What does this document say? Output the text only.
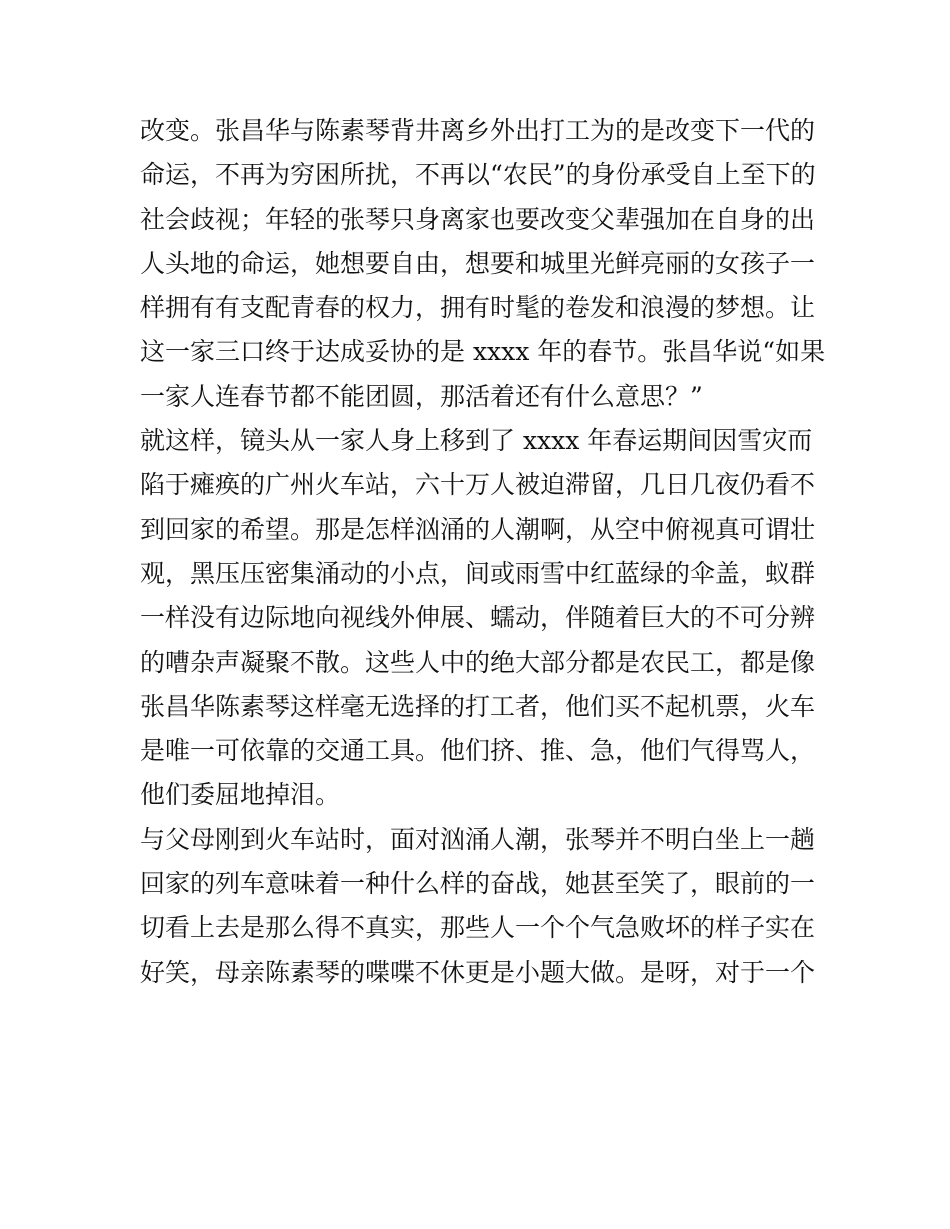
改变。张昌华与陈素琴背井离乡外出打工为的是改变下一代的
命运，不再为穷困所扰，不再以“农民”的身份承受自上至下的
社会歧视；年轻的张琴只身离家也要改变父辈强加在自身的出
人头地的命运，她想要自由，想要和城里光鲜亮丽的女孩子一
样拥有有支配青春的权力，拥有时髦的卷发和浪漫的梦想。让
这一家三口终于达成妥协的是 xxxx 年的春节。张昌华说“如果
一家人连春节都不能团圆，那活着还有什么意思？”
就这样，镜头从一家人身上移到了 xxxx 年春运期间因雪灾而
陷于瘫痪的广州火车站，六十万人被迫滞留，几日几夜仍看不
到回家的希望。那是怎样汹涌的人潮啊，从空中俯视真可谓壮
观，黑压压密集涌动的小点，间或雨雪中红蓝绿的伞盖，蚁群
一样没有边际地向视线外伸展、蠕动，伴随着巨大的不可分辨
的嘈杂声凝聚不散。这些人中的绝大部分都是农民工，都是像
张昌华陈素琴这样毫无选择的打工者，他们买不起机票，火车
是唯一可依靠的交通工具。他们挤、推、急，他们气得骂人，
他们委屈地掉泪。
与父母刚到火车站时，面对汹涌人潮，张琴并不明白坐上一趟
回家的列车意味着一种什么样的奋战，她甚至笑了，眼前的一
切看上去是那么得不真实，那些人一个个气急败坏的样子实在
好笑，母亲陈素琴的喋喋不休更是小题大做。是呀，对于一个
